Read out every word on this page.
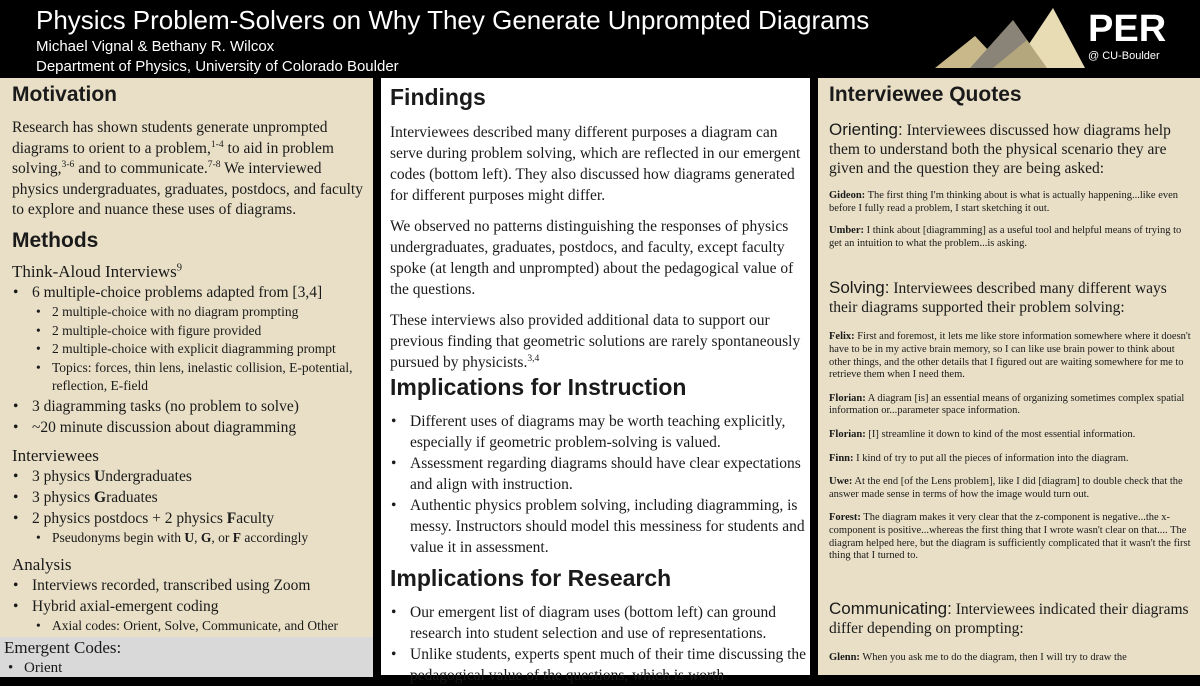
Physics Problem-Solvers on Why They Generate Unprompted Diagrams
Michael Vignal & Bethany R. Wilcox
Department of Physics, University of Colorado Boulder
PER
@ CU-Boulder
Motivation
Research has shown students generate unprompted diagrams to orient to a problem,$^{1-4}$ to aid in problem solving,$^{3-6}$ and to communicate.$^{7-8}$ We interviewed physics undergraduates, graduates, postdocs, and faculty to explore and nuance these uses of diagrams.
Methods
Think-Aloud Interviews$^9$
• 6 multiple-choice problems adapted from [3,4]
• 2 multiple-choice with no diagram prompting
• 2 multiple-choice with figure provided
• 2 multiple-choice with explicit diagramming prompt
• Topics: forces, thin lens, inelastic collision, E-potential, reflection, E-field
• 3 diagramming tasks (no problem to solve)
• ~20 minute discussion about diagramming
Interviewees
• 3 physics Undergraduates
• 3 physics Graduates
• 2 physics postdocs + 2 physics Faculty
• Pseudonyms begin with U, G, or F accordingly
Analysis
• Interviews recorded, transcribed using Zoom
• Hybrid axial-emergent coding
• Axial codes: Orient, Solve, Communicate, and Other
Emergent Codes:
• Orient
Findings

Interviewees described many different purposes a diagram can serve during problem solving, which are reflected in our emergent codes (bottom left). They also discussed how diagrams generated for different purposes might differ.

We observed no patterns distinguishing the responses of physics undergraduates, graduates, postdocs, and faculty, except faculty spoke (at length and unprompted) about the pedagogical value of the questions.

These interviews also provided additional data to support our previous finding that geometric solutions are rarely spontaneously pursued by physicists.$^{3,4}$

Implications for Instruction
• Different uses of diagrams may be worth teaching explicitly, especially if geometric problem-solving is valued.
• Assessment regarding diagrams should have clear expectations and align with instruction.
• Authentic physics problem solving, including diagramming, is messy. Instructors should model this messiness for students and value it in assessment.
Implications for Research
• Our emergent list of diagram uses (bottom left) can ground research into student selection and use of representations.
• Unlike students, experts spent much of their time discussing the pedagogical value of the questions, which is worth
Interviewee Quotes
Orienting: Interviewees discussed how diagrams help them to understand both the physical scenario they are given and the question they are being asked:
Gideon: The first thing I'm thinking about is what is actually happening...like even before I fully read a problem, I start sketching it out.
Umber: I think about [diagramming] as a useful tool and helpful means of trying to get an intuition to what the problem...is asking.
Solving: Interviewees described many different ways their diagrams supported their problem solving:
Felix: First and foremost, it lets me like store information somewhere where it doesn't have to be in my active brain memory, so I can like use brain power to think about other things, and the other details that I figured out are waiting somewhere for me to retrieve them when I need them.
Florian: A diagram [is] an essential means of organizing sometimes complex spatial information or...parameter space information.
Florian: [I] streamline it down to kind of the most essential information.
Finn: I kind of try to put all the pieces of information into the diagram.
Uwe: At the end [of the Lens problem], like I did [diagram] to double check that the answer made sense in terms of how the image would turn out.
Forest: The diagram makes it very clear that the z-component is negative...the x-component is positive...whereas the first thing that I wrote wasn't clear on that.... The diagram helped here, but the diagram is sufficiently complicated that it wasn't the first thing that I turned to.
Communicating: Interviewees indicated their diagrams differ depending on prompting:
Glenn: When you ask me to do the diagram, then I will try to draw the
